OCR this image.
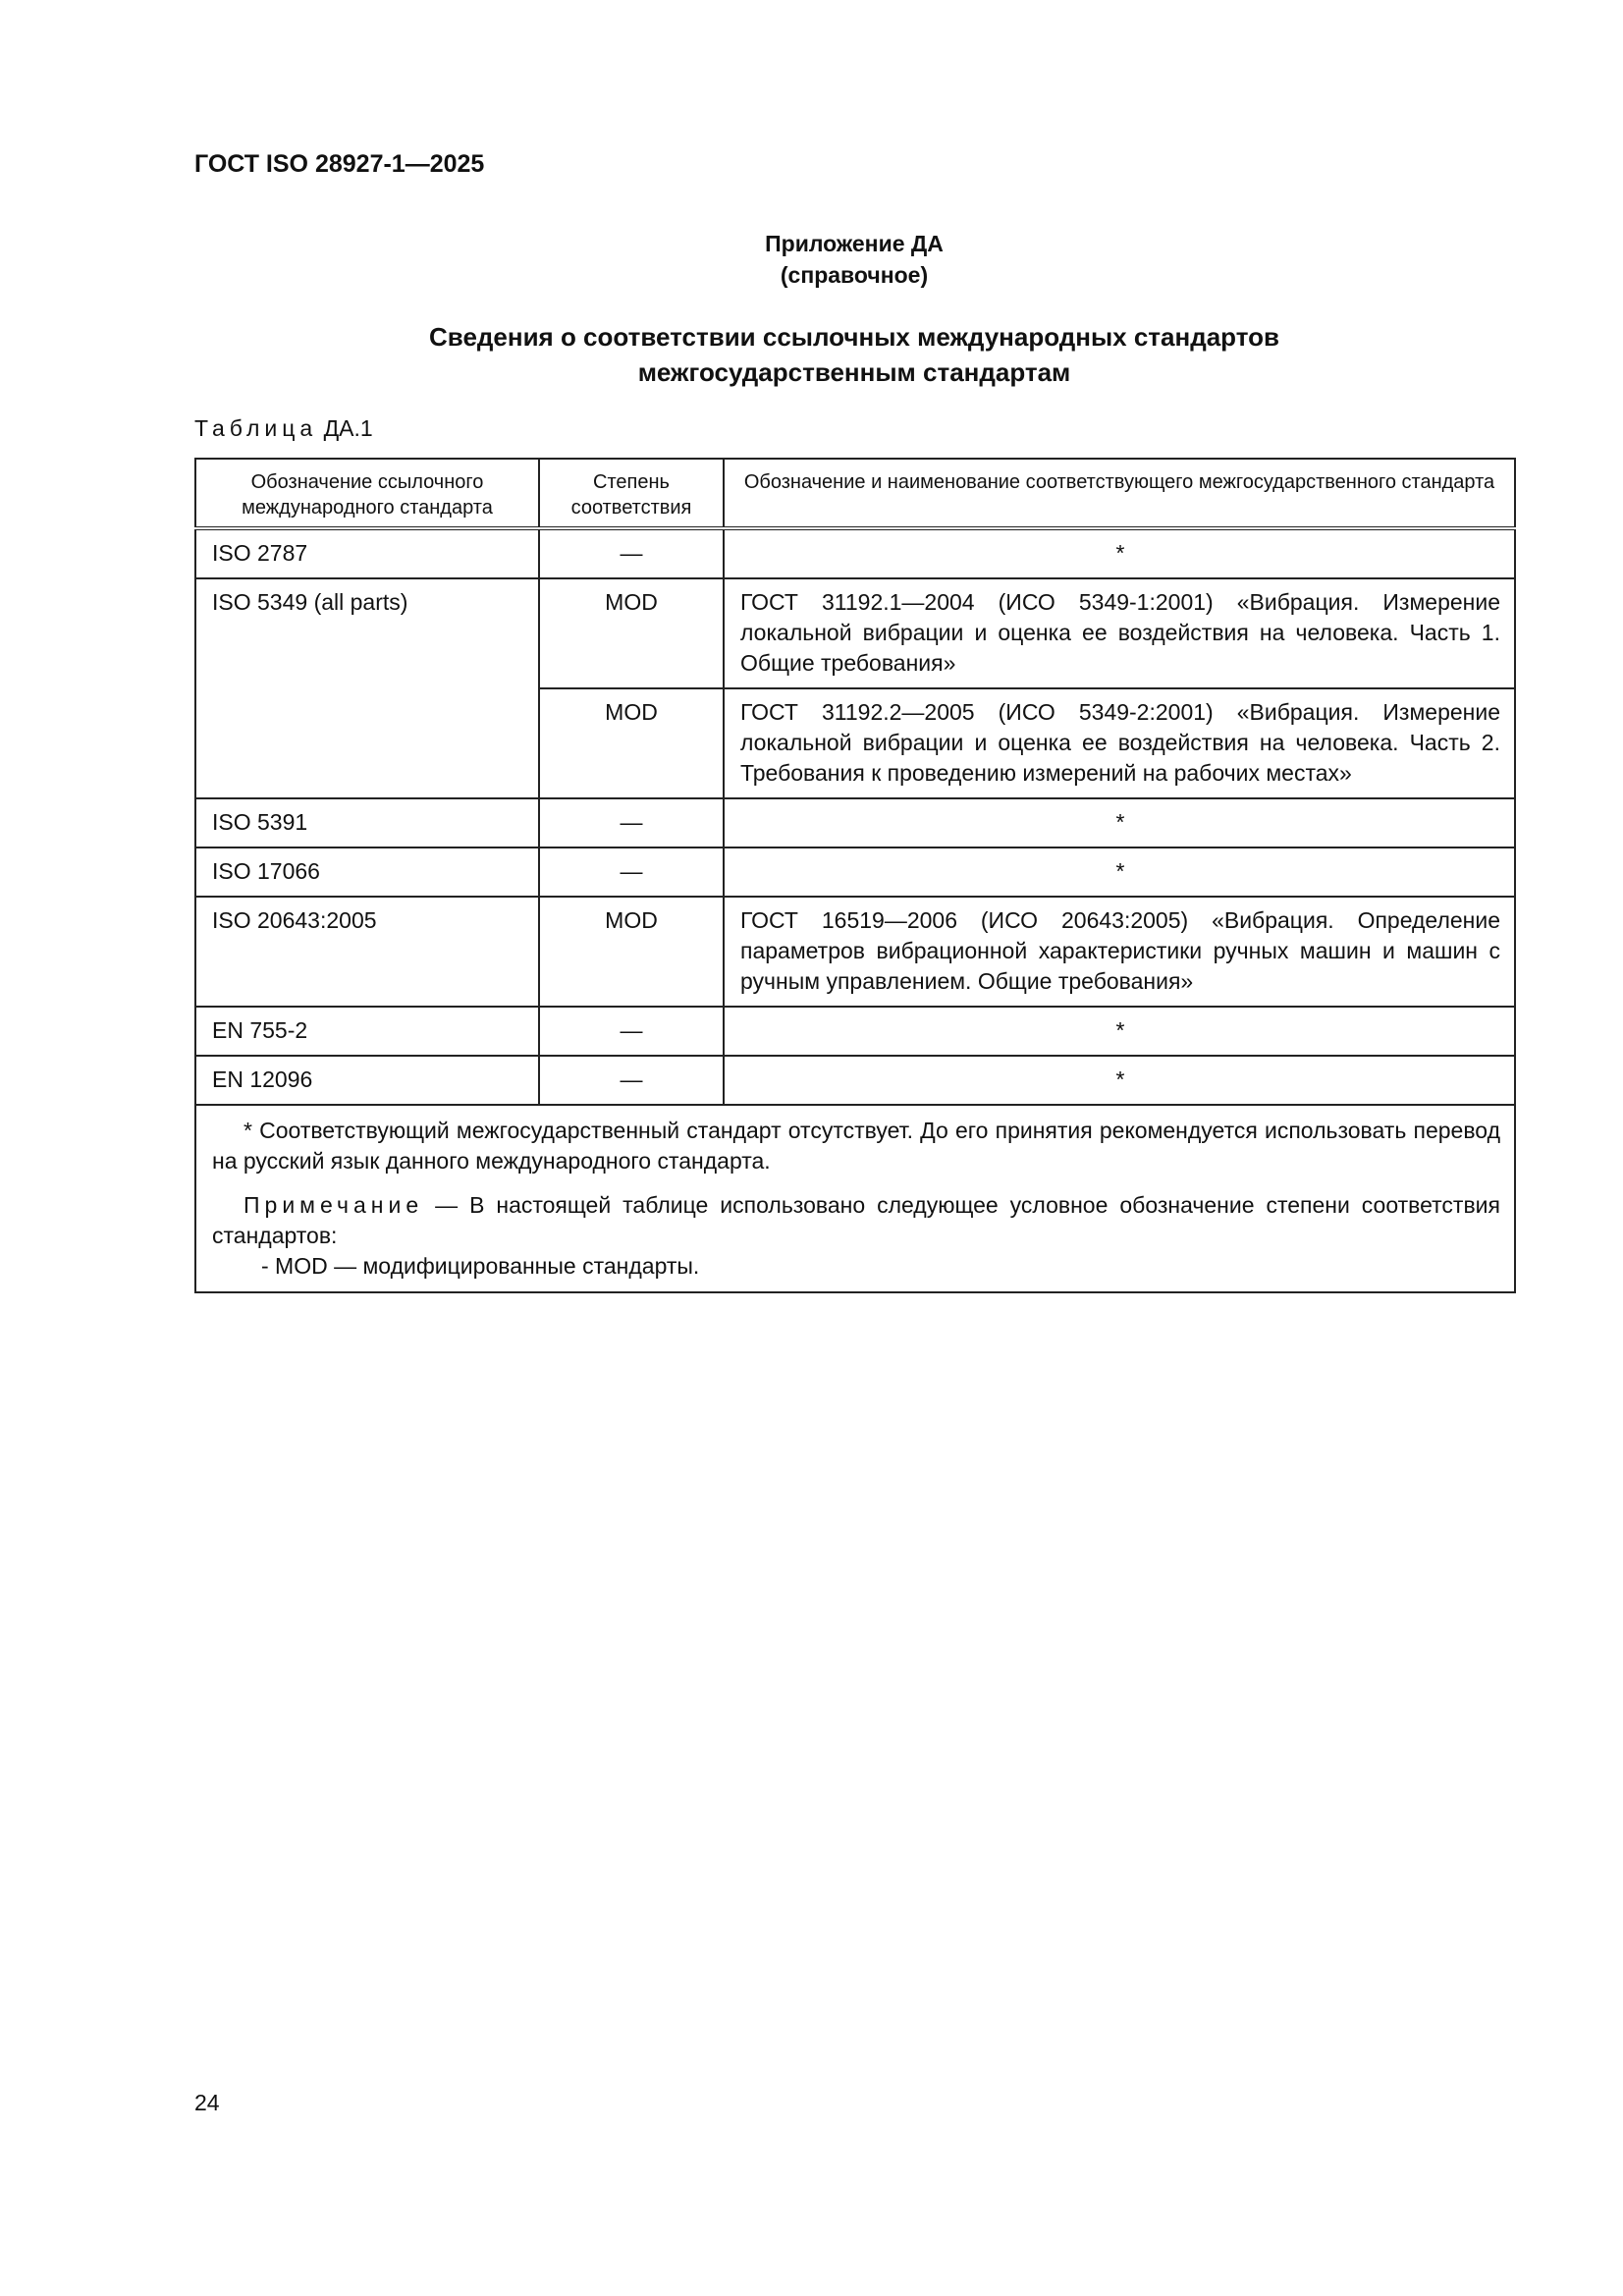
ГОСТ ISO 28927-1—2025
Приложение ДА
(справочное)
Сведения о соответствии ссылочных международных стандартов
межгосударственным стандартам
Таблица ДА.1
Обозначение ссылочного международного стандарта	Степень соответствия	Обозначение и наименование соответствующего межгосударственного стандарта
ISO 2787	—	*
ISO 5349 (all parts)	MOD	ГОСТ 31192.1—2004 (ИСО 5349-1:2001) «Вибрация. Измерение локальной вибрации и оценка ее воздействия на человека. Часть 1. Общие требования»
	MOD	ГОСТ 31192.2—2005 (ИСО 5349-2:2001) «Вибрация. Измерение локальной вибрации и оценка ее воздействия на человека. Часть 2. Требования к проведению измерений на рабочих местах»
ISO 5391	—	*
ISO 17066	—	*
ISO 20643:2005	MOD	ГОСТ 16519—2006 (ИСО 20643:2005) «Вибрация. Определение параметров вибрационной характеристики ручных машин и машин с ручным управлением. Общие требования»
EN 755-2	—	*
EN 12096	—	*

* Соответствующий межгосударственный стандарт отсутствует. До его принятия рекомендуется использовать перевод на русский язык данного международного стандарта.

Примечание — В настоящей таблице использовано следующее условное обозначение степени соответствия стандартов:

- MOD — модифицированные стандарты.		

24
